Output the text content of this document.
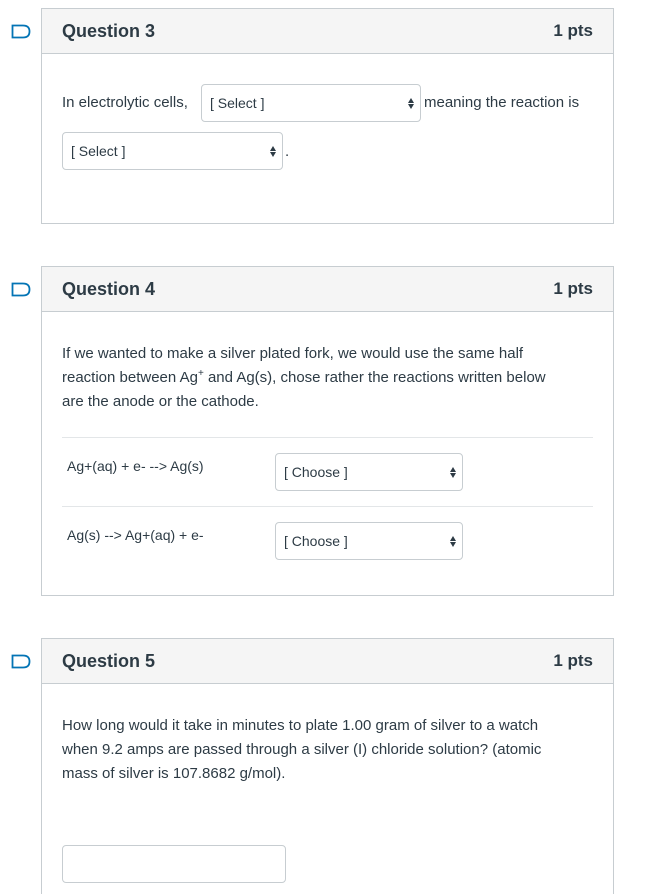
Question 3	1 pts
In electrolytic cells, [ Select ]	meaning the reaction is
[ Select ]	.
Question 4	1 pts
If we wanted to make a silver plated fork, we would use the same half
reaction between Ag+ and Ag(s), chose rather the reactions written below
are the anode or the cathode.
Ag+(aq) + e- --> Ag(s)	[ Choose ]
Ag(s) --> Ag+(aq) + e-	[ Choose ]
Question 5	1 pts
How long would it take in minutes to plate 1.00 gram of silver to a watch
when 9.2 amps are passed through a silver (I) chloride solution? (atomic
mass of silver is 107.8682 g/mol).
